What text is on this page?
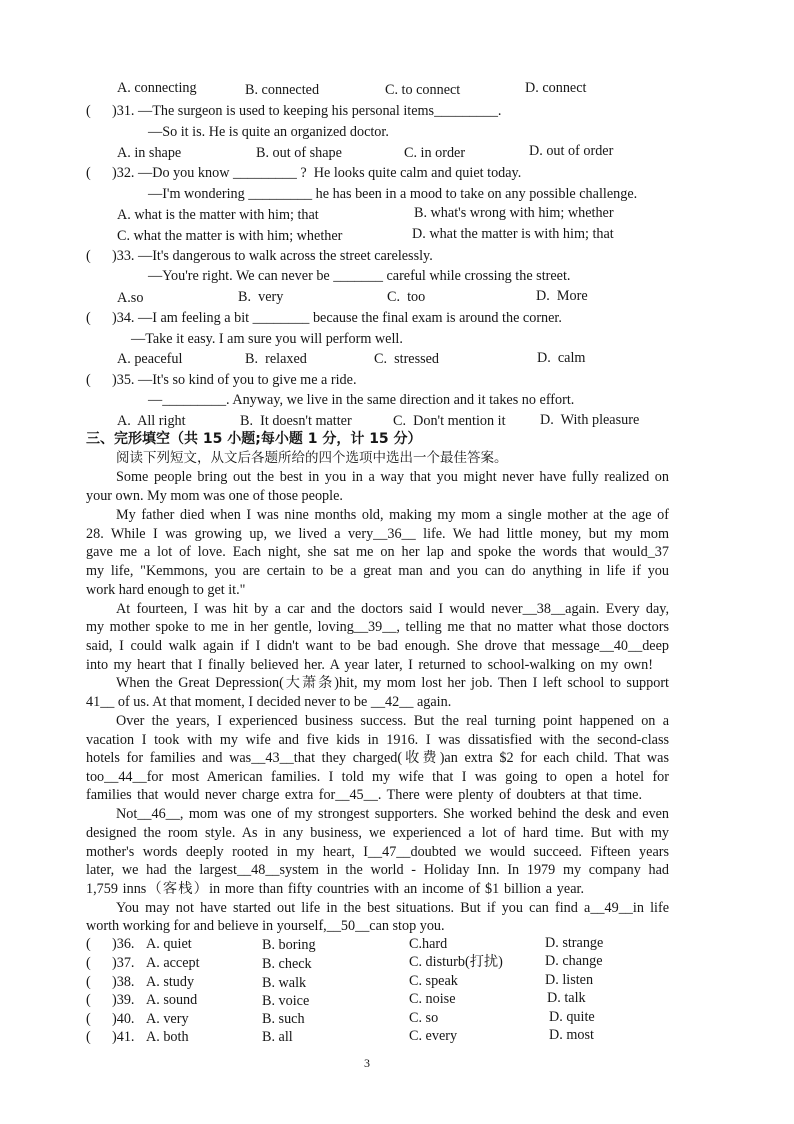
A. connecting	B. connected	C. to connect	D. connect
(      )31. —The surgeon is used to keeping his personal items_________.
—So it is. He is quite an organized doctor.
A. in shape	B. out of shape	C. in order	D. out of order
(      )32. —Do you know _________ ?  He looks quite calm and quiet today.
—I'm wondering _________ he has been in a mood to take on any possible challenge.
A. what is the matter with him; that	B. what's wrong with him; whether
C. what the matter is with him; whether	D. what the matter is with him; that
(      )33. —It's dangerous to walk across the street carelessly.
—You're right. We can never be _______ careful while crossing the street.
A.so	B.  very	C.  too	D.  More
(      )34. —I am feeling a bit ________ because the final exam is around the corner.
—Take it easy. I am sure you will perform well.
A. peaceful	B.  relaxed	C.  stressed	D.  calm
(      )35. —It's so kind of you to give me a ride.
—_________. Anyway, we live in the same direction and it takes no effort.
A.  All right	B.  It doesn't matter	C.  Don't mention it D.  With pleasure
三、完形填空（共 15 小题;每小题 1 分，计 15 分）
阅读下列短文，从文后各题所给的四个选项中选出一个最佳答案。
Some people bring out the best in you in a way that you might never have fully realized on
your own. My mom was one of those people.
My father died when I was nine months old, making my mom a single mother at the age of
28. While I was growing up, we lived a very__36__ life. We had little money, but my mom
gave me a lot of love. Each night, she sat me on her lap and spoke the words that would_37
my life, "Kemmons, you are certain to be a great man and you can do anything in life if you
work hard enough to get it."
At fourteen, I was hit by a car and the doctors said I would never__38__again. Every day,
my mother spoke to me in her gentle, loving__39__, telling me that no matter what those doctors
said, I could walk again if I didn't want to be bad enough. She drove that message__40__deep
into my heart that I finally believed her. A year later, I returned to school-walking on my own!
When the Great Depression(大萧条)hit, my mom lost her job. Then I left school to support
41__ of us. At that moment, I decided never to be __42__ again.
Over the years, I experienced business success. But the real turning point happened on a
vacation I took with my wife and five kids in 1916. I was dissatisfied with the second-class
hotels for families and was__43__that they charged(收费)an extra $2 for each child. That was
too__44__for most American families. I told my wife that I was going to open a hotel for
families that would never charge extra for__45__. There were plenty of doubters at that time.
Not__46__, mom was one of my strongest supporters. She worked behind the desk and even
designed the room style. As in any business, we experienced a lot of hard time. But with my
mother's words deeply rooted in my heart, I__47__doubted we would succeed. Fifteen years
later, we had the largest__48__system in the world - Holiday Inn. In 1979 my company had
1,759 inns（客栈）in more than fifty countries with an income of $1 billion a year.
You may not have started out life in the best situations. But if you can find a__49__in life
worth working for and believe in yourself,__50__can stop you.
(      )36. A. quiet	B. boring	C.hard	D. strange
(      )37. A. accept	B. check	C. disturb(打扰)	D. change
(      )38. A. study	B. walk	C. speak	D. listen
(      )39. A. sound	B. voice	C. noise	D. talk
(      )40. A. very	B. such	C. so	D. quite
(      )41. A. both	B. all	C. every	D. most
3
